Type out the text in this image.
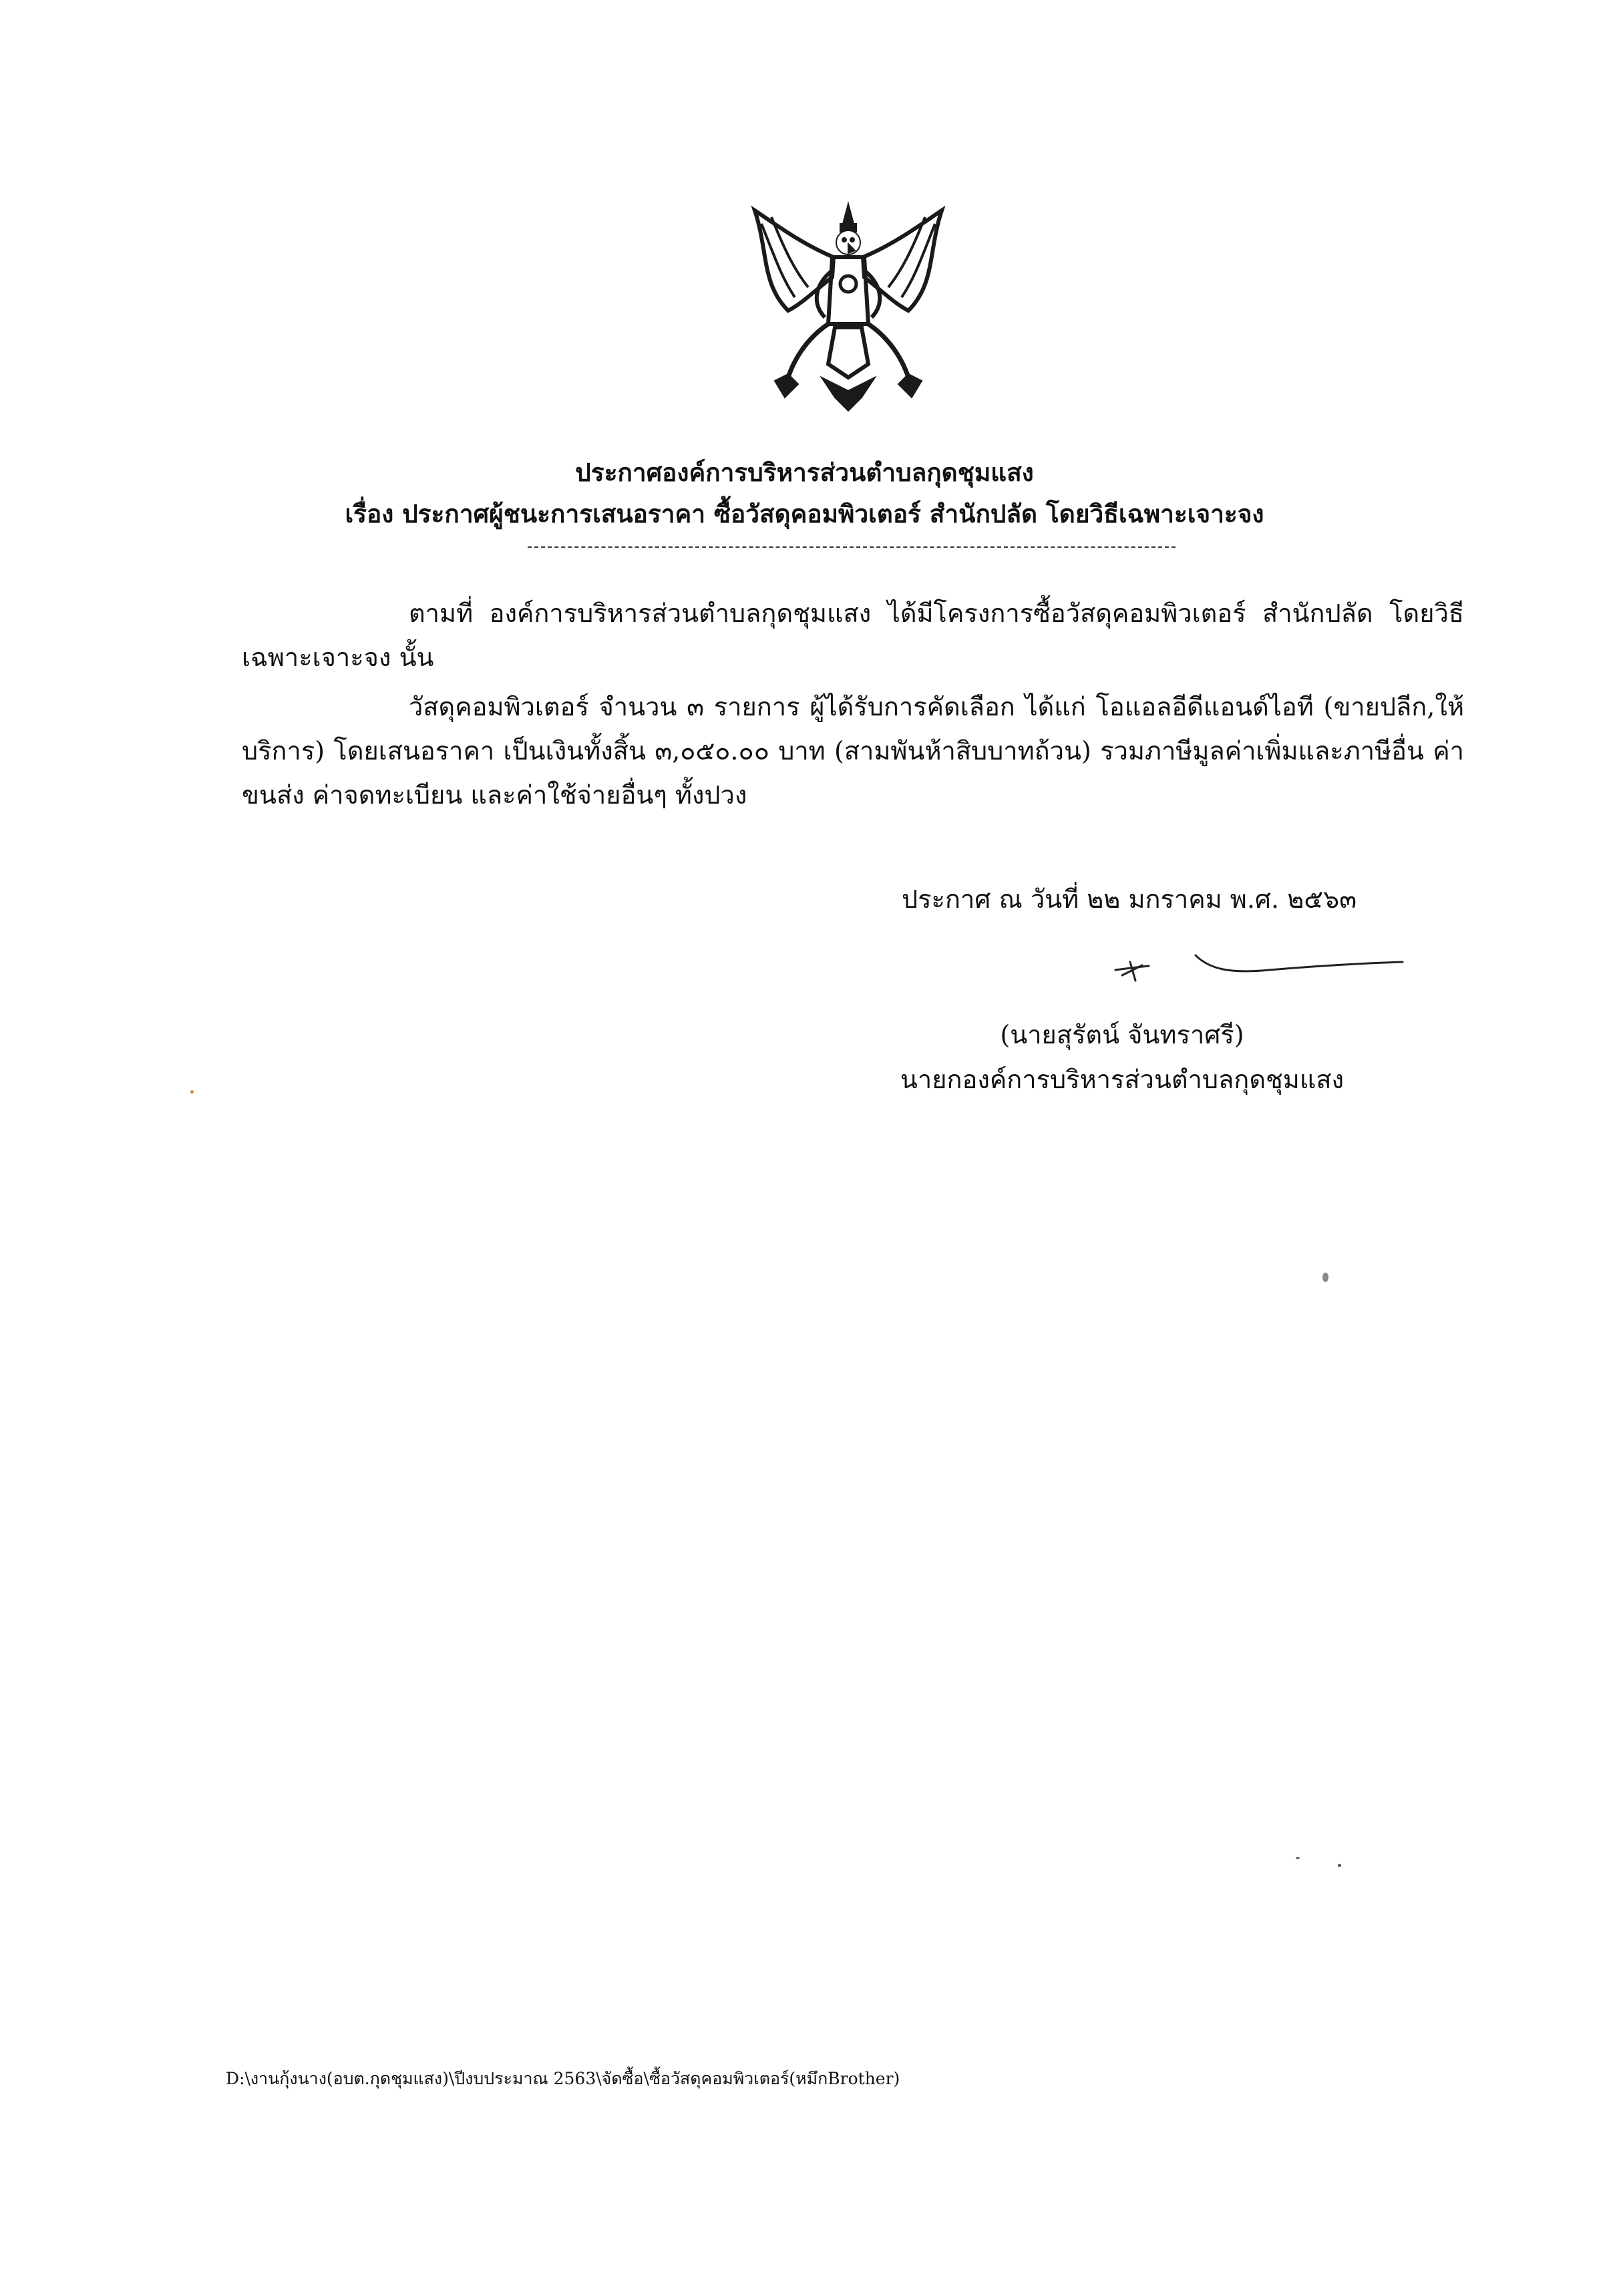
ประกาศองค์การบริหารส่วนตำบลกุดชุมแสง
เรื่อง ประกาศผู้ชนะการเสนอราคา ซื้อวัสดุคอมพิวเตอร์ สำนักปลัด โดยวิธีเฉพาะเจาะจง
ตามที่ องค์การบริหารส่วนตำบลกุดชุมแสง ได้มีโครงการซื้อวัสดุคอมพิวเตอร์ สำนักปลัด โดยวิธีเฉพาะเจาะจง นั้น
วัสดุคอมพิวเตอร์ จำนวน ๓ รายการ ผู้ได้รับการคัดเลือก ได้แก่ โอแอลอีดีแอนด์ไอที (ขายปลีก,ให้บริการ) โดยเสนอราคา เป็นเงินทั้งสิ้น ๓,๐๕๐.๐๐ บาท (สามพันห้าสิบบาทถ้วน) รวมภาษีมูลค่าเพิ่มและภาษีอื่น ค่าขนส่ง ค่าจดทะเบียน และค่าใช้จ่ายอื่นๆ ทั้งปวง
ประกาศ ณ วันที่ ๒๒ มกราคม พ.ศ. ๒๕๖๓
(นายสุรัตน์ จันทราศรี)
นายกองค์การบริหารส่วนตำบลกุดชุมแสง
D:\งานกุ้งนาง(อบต.กุดชุมแสง)\ปีงบประมาณ 2563\จัดซื้อ\ซื้อวัสดุคอมพิวเตอร์(หมึกBrother)
